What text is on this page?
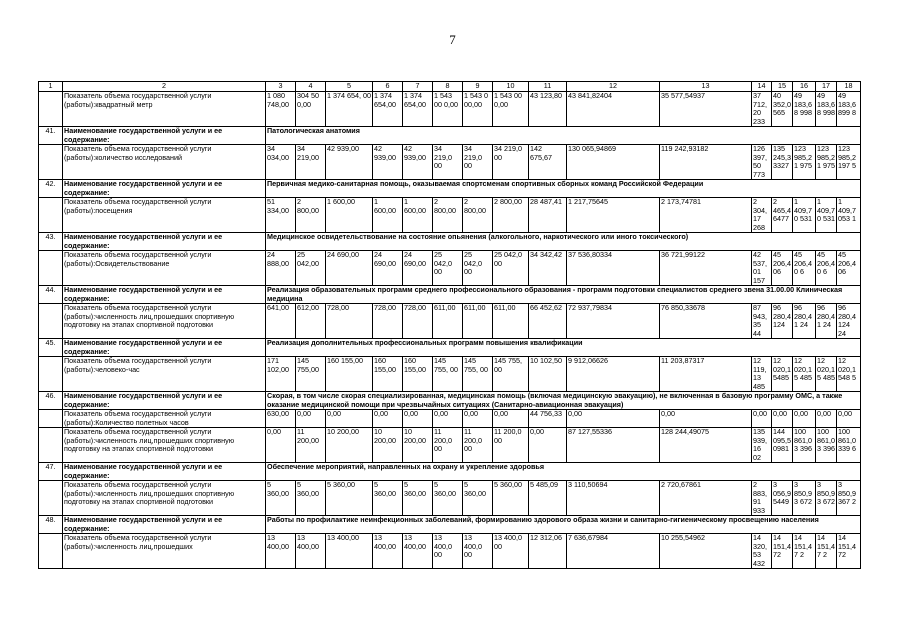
7
1	2	3	4	5	6	7	8	9	10	11	12	13	14	15	16	17	18
	Показатель объема государственной услуги (работы):квадратный метр	1 080 748,00	304 50 0,00	1 374 654, 00	1 374 654,00	1 374 654,00	1 543 00 0,00	1 543 0 00,00	1 543 00 0,00	43 123,80	43 841,82404	35 577,54937	37 712,20 233	40 352,0 565	49 183,68 998	49 183,68 998	49 183,6899 8
41.	Наименование государственной услуги и ее содержание:	Патологическая анатомия															
	Показатель объема государственной услуги (работы):количество исследований	34 034,00	34 219,00	42 939,00	42 939,00	42 939,00	34 219,0 00	34 219,0 00	34 219,0 00	142 675,67	130 065,94869	119 242,93182	126 397,50 773	135 245,3 3327	123 985,21 975	123 985,21 975	123 985,2197 5
42.	Наименование государственной услуги и ее содержание:	Первичная медико-санитарная помощь, оказываемая спортсменам спортивных сборных команд Российской Федерации															
	Показатель объема государственной услуги (работы):посещения	51 334,00	2 800,00	1 600,00	1 600,00	1 600,00	2 800,00	2 800,00	2 800,00	28 487,41	1 217,75645	2 173,74781	2 304,17 268	2 465,4 6477	1 409,70 531	1 409,70 531	1 409,7053 1
43.	Наименование государственной услуги и ее содержание:	Медицинское освидетельствование на состояние опьянения (алкогольного, наркотического или иного токсического)															
	Показатель объема государственной услуги (работы):Освидетельствование	24 888,00	25 042,00	24 690,00	24 690,00	24 690,00	25 042,0 00	25 042,0 00	25 042,0 00	34 342,42	37 536,80334	36 721,99122	42 537,01 157	45 206,4 06	45 206,40 6	45 206,40 6	45 206,406
44.	Наименование государственной услуги и ее содержание:	Реализация образовательных программ среднего профессионального образования - программ подготовки специалистов среднего звена 31.00.00 Клиническая медицина															
	Показатель объема государственной услуги (работы):численность лиц,прошедших спортивную подготовку на этапах спортивной подготовки	641,00	612,00	728,00	728,00	728,00	611,00	611,00	611,00	66 452,62	72 937,79834	76 850,33678	87 943,35 44	96 280,4 124	96 280,41 24	96 280,41 24	96 280,4124 24
45.	Наименование государственной услуги и ее содержание:	Реализация дополнительных профессиональных программ повышения квалификации															
	Показатель объема государственной услуги (работы):человеко-час	171 102,00	145 755,00	160 155,00	160 155,00	160 155,00	145 755, 00	145 755, 00	145 755, 00	10 102,50	9 912,06626	11 203,87317	12 119,13 485	12 020,1 5485	12 020,15 485	12 020,15 485	12 020,1548 5
46.	Наименование государственной услуги и ее содержание:	Скорая, в том числе скорая специализированная, медицинская помощь (включая медицинскую эвакуацию), не включенная в базовую программу ОМС, а также оказание медицинской помощи при чрезвычайных ситуациях (Санитарно-авиационная эвакуация)															
	Показатель объема государственной услуги (работы):Количество полетных часов	630,00	0,00	0,00	0,00	0,00	0,00	0,00	0,00	44 756,33	0,00	0,00	0,00	0,00	0,00	0,00	0,00
	Показатель объема государственной услуги (работы):численность лиц,прошедших спортивную подготовку на этапах спортивной подготовки	0,00	11 200,00	10 200,00	10 200,00	10 200,00	11 200,0 00	11 200,0 00	11 200,0 00	0,00	87 127,55336	128 244,49075	135 939,16 02	144 095,5 0981	100 861,03 396	100 861,03 396	100 861,0339 6
47.	Наименование государственной услуги и ее содержание:	Обеспечение мероприятий, направленных на охрану и укрепление здоровья															
	Показатель объема государственной услуги (работы):численность лиц,прошедших спортивную подготовку на этапах спортивной подготовки	5 360,00	5 360,00	5 360,00	5 360,00	5 360,00	5 360,00	5 360,00	5 360,00	5 485,09	3 110,50694	2 720,67861	2 883,91 933	3 056,9 5449	3 850,93 672	3 850,93 672	3 850,9367 2
48.	Наименование государственной услуги и ее содержание:	Работы по профилактике неинфекционных заболеваний, формированию здорового образа жизни и санитарно-гигиеническому просвещению населения															
	Показатель объема государственной услуги (работы):численность лиц,прошедших	13 400,00	13 400,00	13 400,00	13 400,00	13 400,00	13 400,0 00	13 400,0 00	13 400,0 00	12 312,06	7 636,67984	10 255,54962	14 320,53 432	14 151,4 72	14 151,47 2	14 151,47 2	14 151,472
